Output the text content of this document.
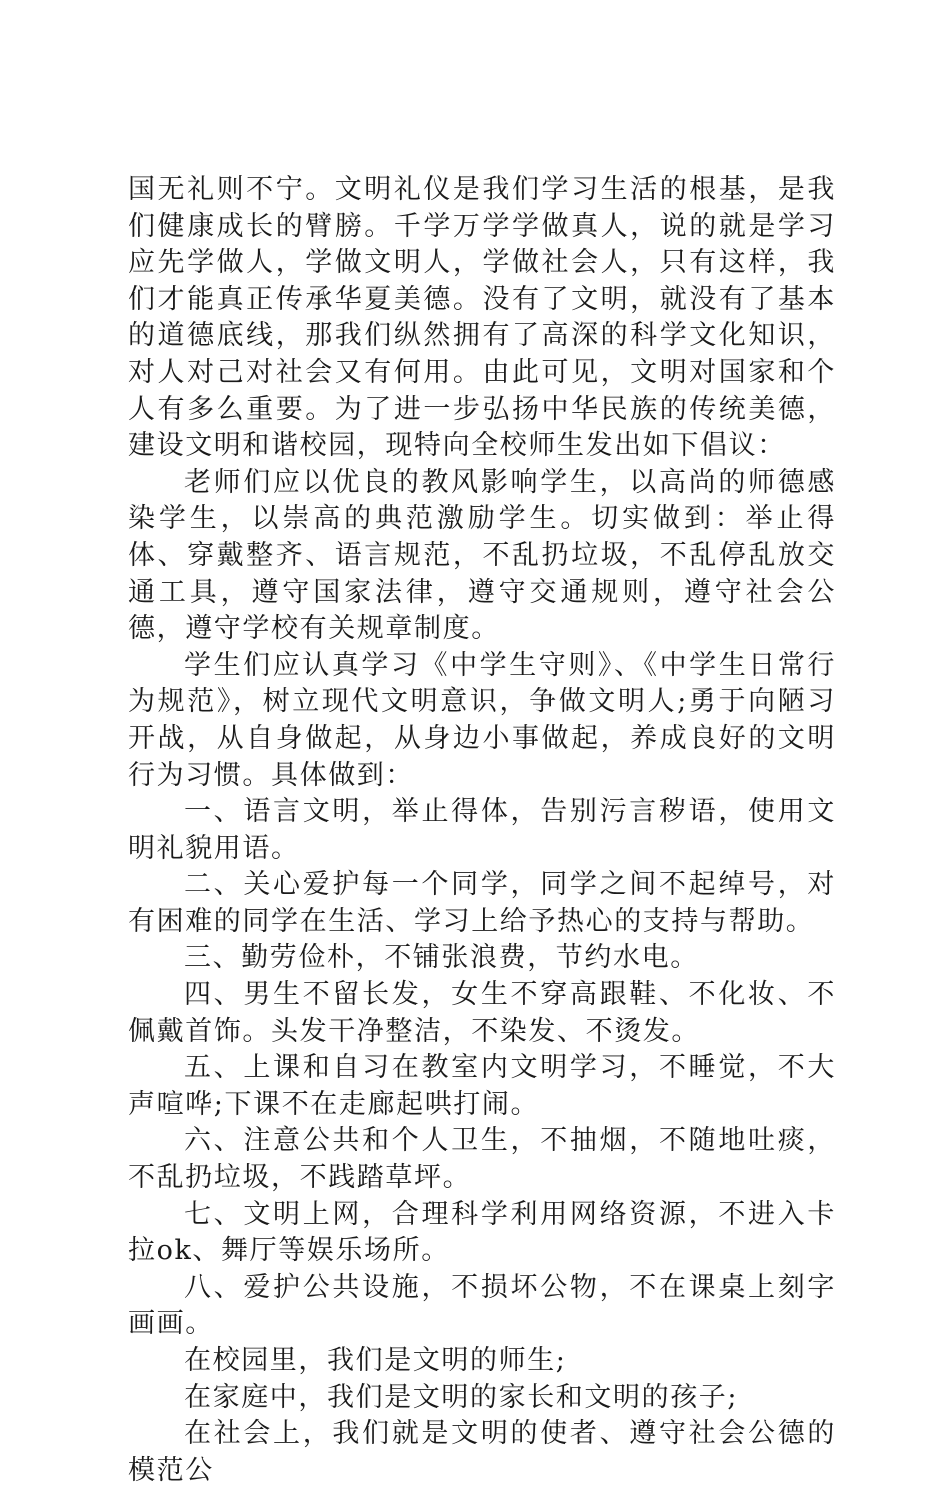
国无礼则不宁。文明礼仪是我们学习生活的根基，是我们健康成长的臂膀。千学万学学做真人，说的就是学习应先学做人，学做文明人，学做社会人，只有这样，我们才能真正传承华夏美德。没有了文明，就没有了基本的道德底线，那我们纵然拥有了高深的科学文化知识，对人对己对社会又有何用。由此可见，文明对国家和个人有多么重要。为了进一步弘扬中华民族的传统美德，建设文明和谐校园，现特向全校师生发出如下倡议：

老师们应以优良的教风影响学生，以高尚的师德感染学生，以崇高的典范激励学生。切实做到：举止得体、穿戴整齐、语言规范，不乱扔垃圾，不乱停乱放交通工具，遵守国家法律，遵守交通规则，遵守社会公德，遵守学校有关规章制度。

学生们应认真学习《中学生守则》、《中学生日常行为规范》，树立现代文明意识，争做文明人;勇于向陋习开战，从自身做起，从身边小事做起，养成良好的文明行为习惯。具体做到：

一、语言文明，举止得体，告别污言秽语，使用文明礼貌用语。

二、关心爱护每一个同学，同学之间不起绰号，对有困难的同学在生活、学习上给予热心的支持与帮助。

三、勤劳俭朴，不铺张浪费，节约水电。

四、男生不留长发，女生不穿高跟鞋、不化妆、不佩戴首饰。头发干净整洁，不染发、不烫发。

五、上课和自习在教室内文明学习，不睡觉，不大声喧哗;下课不在走廊起哄打闹。

六、注意公共和个人卫生，不抽烟，不随地吐痰，不乱扔垃圾，不践踏草坪。

七、文明上网，合理科学利用网络资源，不进入卡拉ok、舞厅等娱乐场所。

八、爱护公共设施，不损坏公物，不在课桌上刻字画画。

在校园里，我们是文明的师生;

在家庭中，我们是文明的家长和文明的孩子;

在社会上，我们就是文明的使者、遵守社会公德的模范公
